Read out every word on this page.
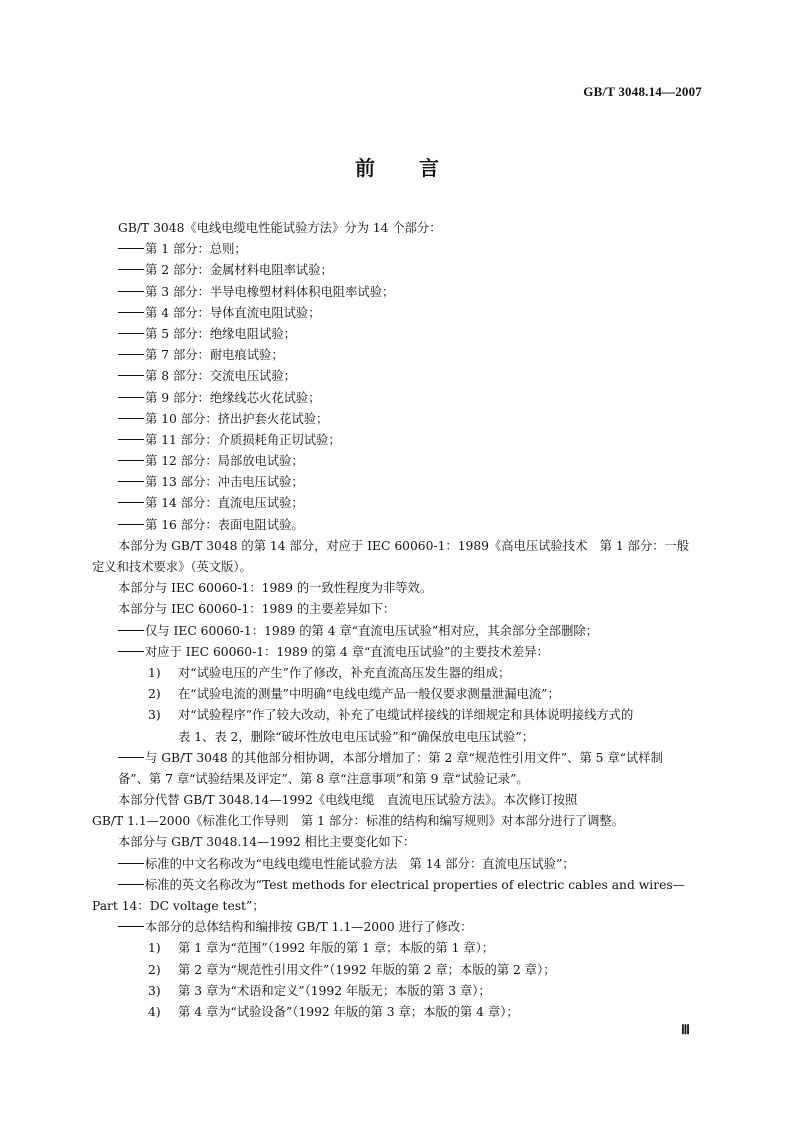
GB/T 3048.14—2007
前 言
GB/T 3048《电线电缆电性能试验方法》分为 14 个部分：
第 1 部分：总则；
第 2 部分：金属材料电阻率试验；
第 3 部分：半导电橡塑材料体积电阻率试验；
第 4 部分：导体直流电阻试验；
第 5 部分：绝缘电阻试验；
第 7 部分：耐电痕试验；
第 8 部分：交流电压试验；
第 9 部分：绝缘线芯火花试验；
第 10 部分：挤出护套火花试验；
第 11 部分：介质损耗角正切试验；
第 12 部分：局部放电试验；
第 13 部分：冲击电压试验；
第 14 部分：直流电压试验；
第 16 部分：表面电阻试验。
本部分为 GB/T 3048 的第 14 部分，对应于 IEC 60060-1：1989《高电压试验技术　第 1 部分：一般
定义和技术要求》（英文版）。
本部分与 IEC 60060-1：1989 的一致性程度为非等效。
本部分与 IEC 60060-1：1989 的主要差异如下：
仅与 IEC 60060-1：1989 的第 4 章“直流电压试验”相对应，其余部分全部删除；
对应于 IEC 60060-1：1989 的第 4 章“直流电压试验”的主要技术差异：
1) 对“试验电压的产生”作了修改，补充直流高压发生器的组成；
2) 在“试验电流的测量”中明确“电线电缆产品一般仅要求测量泄漏电流”；
3) 对“试验程序”作了较大改动，补充了电缆试样接线的详细规定和具体说明接线方式的
表 1、表 2，删除“破坏性放电电压试验”和“确保放电电压试验”；
与 GB/T 3048 的其他部分相协调，本部分增加了：第 2 章“规范性引用文件”、第 5 章“试样制
备”、第 7 章“试验结果及评定”、第 8 章“注意事项”和第 9 章“试验记录”。
本部分代替 GB/T 3048.14—1992《电线电缆　直流电压试验方法》。本次修订按照
GB/T 1.1—2000《标准化工作导则　第 1 部分：标准的结构和编写规则》对本部分进行了调整。
本部分与 GB/T 3048.14—1992 相比主要变化如下：
标准的中文名称改为“电线电缆电性能试验方法　第 14 部分：直流电压试验”；
标准的英文名称改为“Test methods for electrical properties of electric cables and wires—
Part 14：DC voltage test”；
本部分的总体结构和编排按 GB/T 1.1—2000 进行了修改：
1) 第 1 章为“范围”（1992 年版的第 1 章；本版的第 1 章）；
2) 第 2 章为“规范性引用文件”（1992 年版的第 2 章；本版的第 2 章）；
3) 第 3 章为“术语和定义”（1992 年版无；本版的第 3 章）；
4) 第 4 章为“试验设备”（1992 年版的第 3 章；本版的第 4 章）；
Ⅲ
